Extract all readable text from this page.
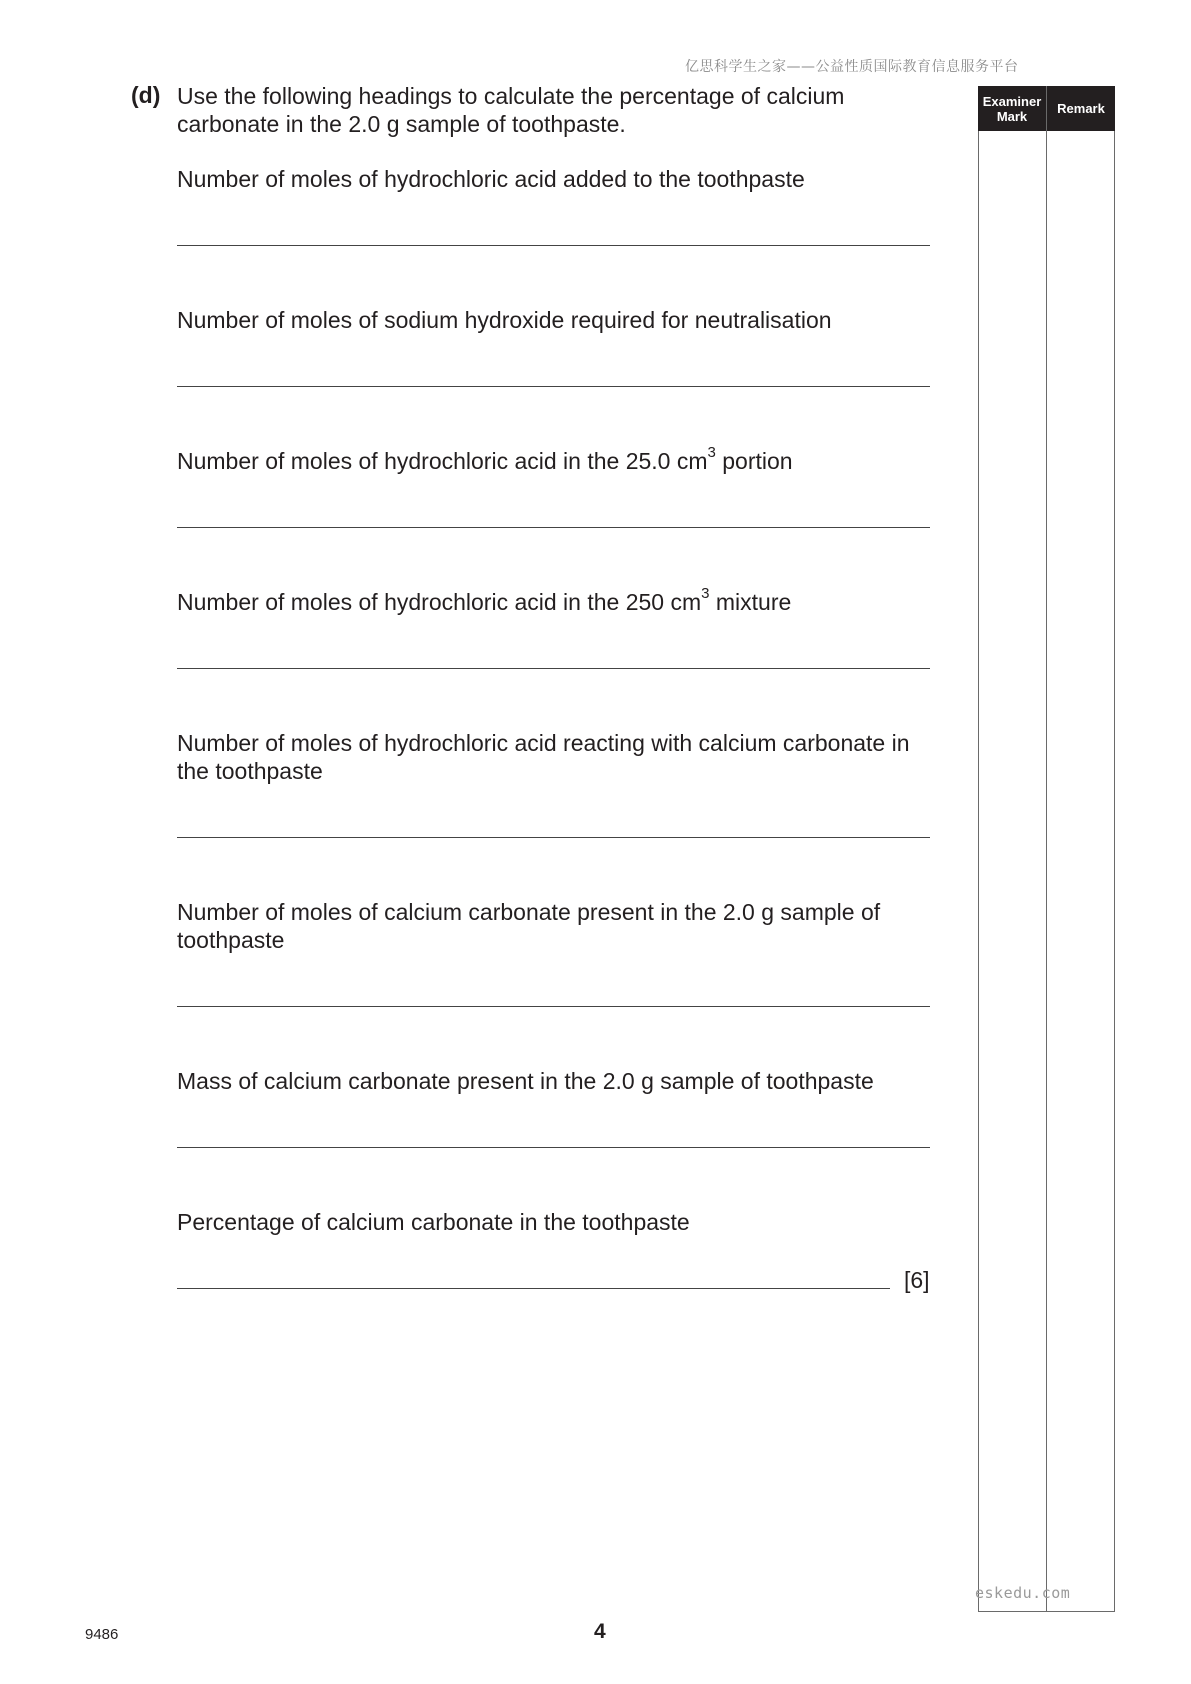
亿思科学生之家——公益性质国际教育信息服务平台
(d) Use the following headings to calculate the percentage of calcium carbonate in the 2.0 g sample of toothpaste.
Number of moles of hydrochloric acid added to the toothpaste
Number of moles of sodium hydroxide required for neutralisation
Number of moles of hydrochloric acid in the 25.0 $cm^3$ portion
Number of moles of hydrochloric acid in the 250 $cm^3$ mixture
Number of moles of hydrochloric acid reacting with calcium carbonate in the toothpaste
Number of moles of calcium carbonate present in the 2.0 g sample of toothpaste
Mass of calcium carbonate present in the 2.0 g sample of toothpaste
Percentage of calcium carbonate in the toothpaste
[6]
Examiner
Mark	Remark
eskedu.com
9486	4
